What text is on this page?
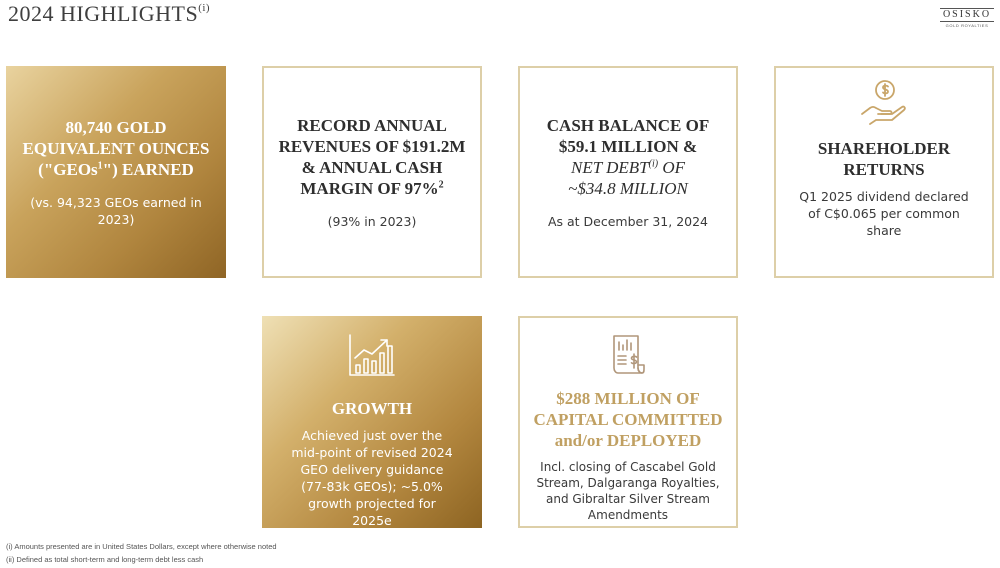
2024 HIGHLIGHTS$^{(i)}$
OSISKO
GOLD ROYALTIES
80,740 GOLD
EQUIVALENT OUNCES
("GEOs$^1$") EARNED
(vs. 94,323 GEOs earned in 2023)
RECORD ANNUAL REVENUES OF $191.2M & ANNUAL CASH MARGIN OF 97%$^2$
(93% in 2023)
CASH BALANCE OF
$59.1 MILLION &
NET DEBT$^{(i)}$ OF
~$34.8 MILLION
As at December 31, 2024
SHAREHOLDER RETURNS
Q1 2025 dividend declared of C$0.065 per common share
GROWTH
Achieved just over the mid-point of revised 2024 GEO delivery guidance (77-83k GEOs); ~5.0% growth projected for 2025e
$288 MILLION OF CAPITAL COMMITTED and/or DEPLOYED
Incl. closing of Cascabel Gold Stream, Dalgaranga Royalties, and Gibraltar Silver Stream Amendments
(i) Amounts presented are in United States Dollars, except where otherwise noted
(ii) Defined as total short-term and long-term debt less cash
